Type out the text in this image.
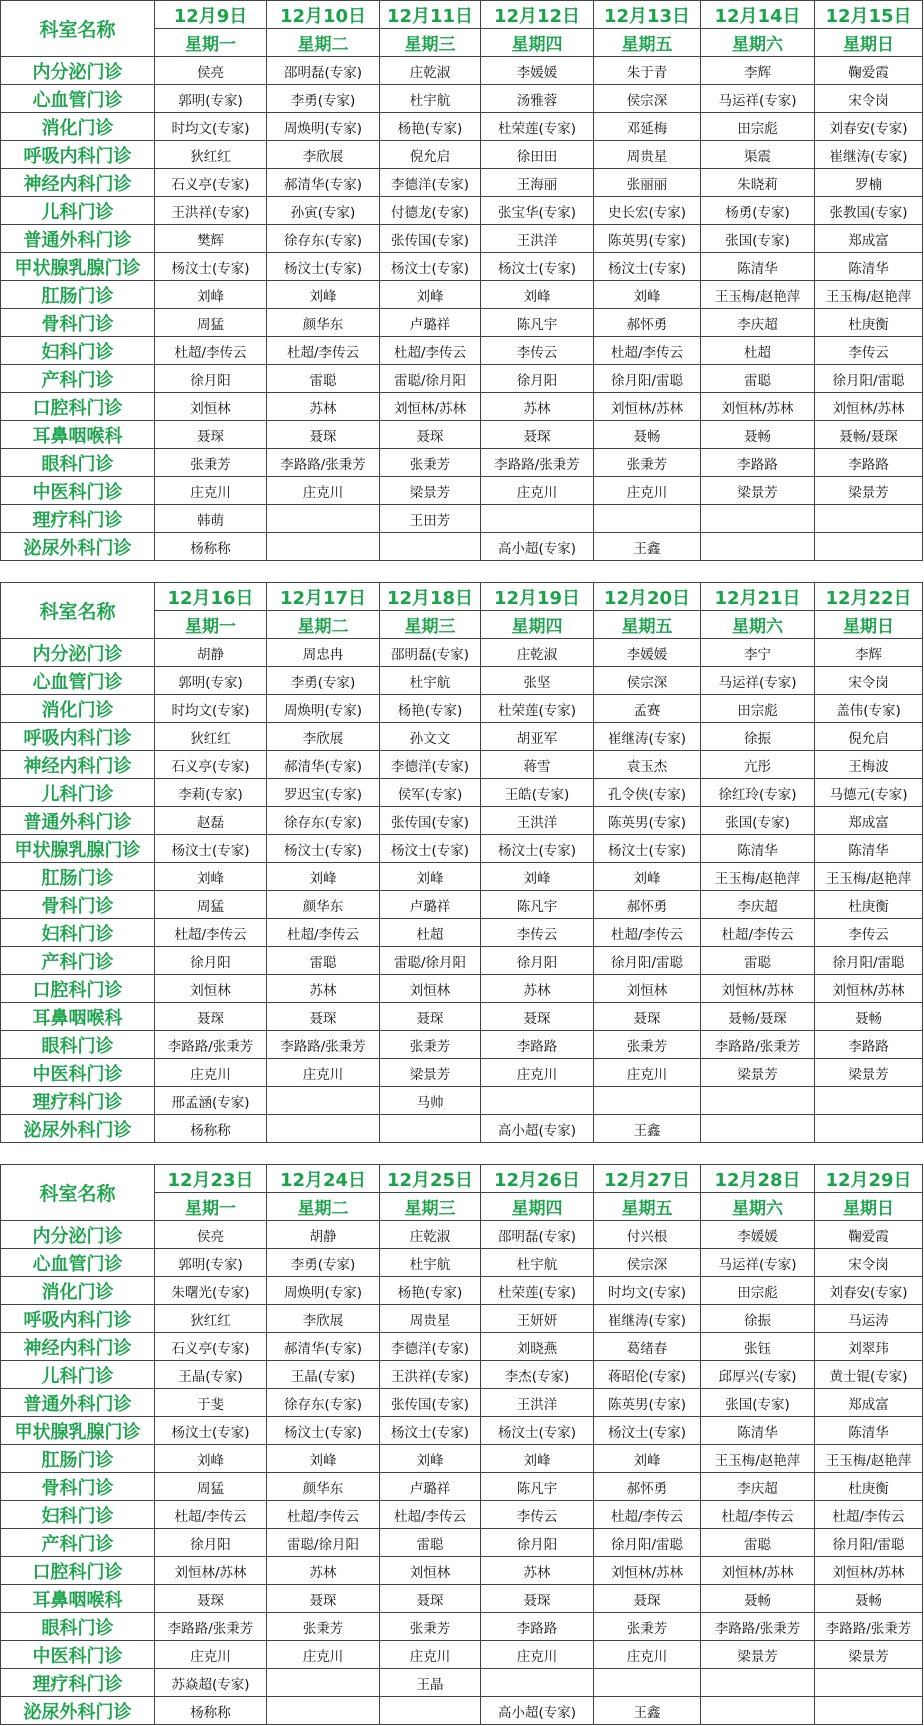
科室名称	12月9日	12月10日	12月11日	12月12日	12月13日	12月14日	12月15日
	星期一	星期二	星期三	星期四	星期五	星期六	星期日
内分泌门诊	侯亮	邵明磊(专家)	庄乾淑	李媛媛	朱于青	李辉	鞠爱霞
心血管门诊	郭明(专家)	李勇(专家)	杜宇航	汤雅蓉	侯宗深	马运祥(专家)	宋令岗
消化门诊	时均文(专家)	周焕明(专家)	杨艳(专家)	杜荣莲(专家)	邓延梅	田宗彪	刘春安(专家)
呼吸内科门诊	狄红红	李欣展	倪允启	徐田田	周贵星	渠震	崔继涛(专家)
神经内科门诊	石义亭(专家)	郝清华(专家)	李德洋(专家)	王海丽	张丽丽	朱晓莉	罗楠
儿科门诊	王洪祥(专家)	孙寅(专家)	付德龙(专家)	张宝华(专家)	史长宏(专家)	杨勇(专家)	张教国(专家)
普通外科门诊	樊辉	徐存东(专家)	张传国(专家)	王洪洋	陈英男(专家)	张国(专家)	郑成富
甲状腺乳腺门诊	杨汶士(专家)	杨汶士(专家)	杨汶士(专家)	杨汶士(专家)	杨汶士(专家)	陈清华	陈清华
肛肠门诊	刘峰	刘峰	刘峰	刘峰	刘峰	王玉梅/赵艳萍	王玉梅/赵艳萍
骨科门诊	周猛	颜华东	卢璐祥	陈凡宇	郝怀勇	李庆超	杜庚衡
妇科门诊	杜超/李传云	杜超/李传云	杜超/李传云	李传云	杜超/李传云	杜超	李传云
产科门诊	徐月阳	雷聪	雷聪/徐月阳	徐月阳	徐月阳/雷聪	雷聪	徐月阳/雷聪
口腔科门诊	刘恒林	苏林	刘恒林/苏林	苏林	刘恒林/苏林	刘恒林/苏林	刘恒林/苏林
耳鼻咽喉科	聂琛	聂琛	聂琛	聂琛	聂畅	聂畅	聂畅/聂琛
眼科门诊	张秉芳	李路路/张秉芳	张秉芳	李路路/张秉芳	张秉芳	李路路	李路路
中医科门诊	庄克川	庄克川	梁景芳	庄克川	庄克川	梁景芳	梁景芳
理疗科门诊	韩萌		王田芳				
泌尿外科门诊	杨称称			高小超(专家)	王鑫		
科室名称	12月16日	12月17日	12月18日	12月19日	12月20日	12月21日	12月22日
	星期一	星期二	星期三	星期四	星期五	星期六	星期日
内分泌门诊	胡静	周忠冉	邵明磊(专家)	庄乾淑	李媛媛	李宁	李辉
心血管门诊	郭明(专家)	李勇(专家)	杜宇航	张坚	侯宗深	马运祥(专家)	宋令岗
消化门诊	时均文(专家)	周焕明(专家)	杨艳(专家)	杜荣莲(专家)	孟赛	田宗彪	盖伟(专家)
呼吸内科门诊	狄红红	李欣展	孙文文	胡亚军	崔继涛(专家)	徐振	倪允启
神经内科门诊	石义亭(专家)	郝清华(专家)	李德洋(专家)	蒋雪	袁玉杰	亢彤	王梅波
儿科门诊	李莉(专家)	罗迟宝(专家)	侯军(专家)	王皓(专家)	孔令侠(专家)	徐红玲(专家)	马德元(专家)
普通外科门诊	赵磊	徐存东(专家)	张传国(专家)	王洪洋	陈英男(专家)	张国(专家)	郑成富
甲状腺乳腺门诊	杨汶士(专家)	杨汶士(专家)	杨汶士(专家)	杨汶士(专家)	杨汶士(专家)	陈清华	陈清华
肛肠门诊	刘峰	刘峰	刘峰	刘峰	刘峰	王玉梅/赵艳萍	王玉梅/赵艳萍
骨科门诊	周猛	颜华东	卢璐祥	陈凡宇	郝怀勇	李庆超	杜庚衡
妇科门诊	杜超/李传云	杜超/李传云	杜超	李传云	杜超/李传云	杜超/李传云	李传云
产科门诊	徐月阳	雷聪	雷聪/徐月阳	徐月阳	徐月阳/雷聪	雷聪	徐月阳/雷聪
口腔科门诊	刘恒林	苏林	刘恒林	苏林	刘恒林	刘恒林/苏林	刘恒林/苏林
耳鼻咽喉科	聂琛	聂琛	聂琛	聂琛	聂琛	聂畅/聂琛	聂畅
眼科门诊	李路路/张秉芳	李路路/张秉芳	张秉芳	李路路	张秉芳	李路路/张秉芳	李路路
中医科门诊	庄克川	庄克川	梁景芳	庄克川	庄克川	梁景芳	梁景芳
理疗科门诊	邢孟涵(专家)		马帅				
泌尿外科门诊	杨称称			高小超(专家)	王鑫		
科室名称	12月23日	12月24日	12月25日	12月26日	12月27日	12月28日	12月29日
	星期一	星期二	星期三	星期四	星期五	星期六	星期日
内分泌门诊	侯亮	胡静	庄乾淑	邵明磊(专家)	付兴根	李媛媛	鞠爱霞
心血管门诊	郭明(专家)	李勇(专家)	杜宇航	杜宇航	侯宗深	马运祥(专家)	宋令岗
消化门诊	朱曙光(专家)	周焕明(专家)	杨艳(专家)	杜荣莲(专家)	时均文(专家)	田宗彪	刘春安(专家)
呼吸内科门诊	狄红红	李欣展	周贵星	王妍妍	崔继涛(专家)	徐振	马运涛
神经内科门诊	石义亭(专家)	郝清华(专家)	李德洋(专家)	刘晓燕	葛绪春	张钰	刘翠玮
儿科门诊	王晶(专家)	王晶(专家)	王洪祥(专家)	李杰(专家)	蒋昭伦(专家)	邱厚兴(专家)	黄士锟(专家)
普通外科门诊	于斐	徐存东(专家)	张传国(专家)	王洪洋	陈英男(专家)	张国(专家)	郑成富
甲状腺乳腺门诊	杨汶士(专家)	杨汶士(专家)	杨汶士(专家)	杨汶士(专家)	杨汶士(专家)	陈清华	陈清华
肛肠门诊	刘峰	刘峰	刘峰	刘峰	刘峰	王玉梅/赵艳萍	王玉梅/赵艳萍
骨科门诊	周猛	颜华东	卢璐祥	陈凡宇	郝怀勇	李庆超	杜庚衡
妇科门诊	杜超/李传云	杜超/李传云	杜超/李传云	李传云	杜超/李传云	杜超/李传云	杜超/李传云
产科门诊	徐月阳	雷聪/徐月阳	雷聪	徐月阳	徐月阳/雷聪	雷聪	徐月阳/雷聪
口腔科门诊	刘恒林/苏林	苏林	刘恒林	苏林	刘恒林/苏林	刘恒林/苏林	刘恒林/苏林
耳鼻咽喉科	聂琛	聂琛	聂琛	聂琛	聂琛	聂畅	聂畅
眼科门诊	李路路/张秉芳	张秉芳	张秉芳	李路路	张秉芳	李路路/张秉芳	李路路/张秉芳
中医科门诊	庄克川	庄克川	庄克川	庄克川	庄克川	梁景芳	梁景芳
理疗科门诊	苏焱超(专家)		王晶				
泌尿外科门诊	杨称称			高小超(专家)	王鑫		
